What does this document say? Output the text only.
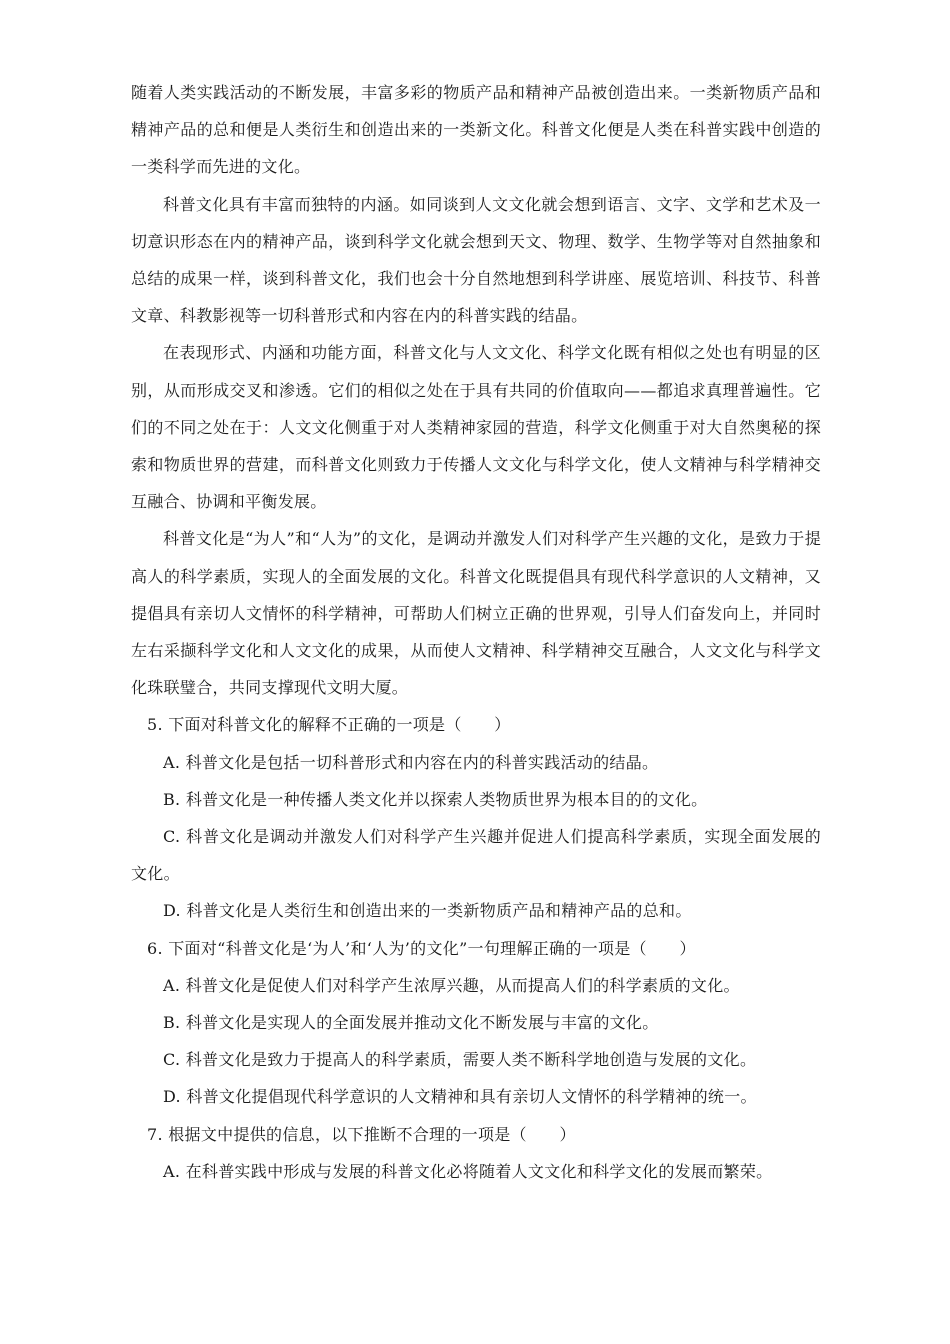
随着人类实践活动的不断发展，丰富多彩的物质产品和精神产品被创造出来。一类新物质产品和精神产品的总和便是人类衍生和创造出来的一类新文化。科普文化便是人类在科普实践中创造的一类科学而先进的文化。

科普文化具有丰富而独特的内涵。如同谈到人文文化就会想到语言、文字、文学和艺术及一切意识形态在内的精神产品，谈到科学文化就会想到天文、物理、数学、生物学等对自然抽象和总结的成果一样，谈到科普文化，我们也会十分自然地想到科学讲座、展览培训、科技节、科普文章、科教影视等一切科普形式和内容在内的科普实践的结晶。

在表现形式、内涵和功能方面，科普文化与人文文化、科学文化既有相似之处也有明显的区别，从而形成交叉和渗透。它们的相似之处在于具有共同的价值取向——都追求真理普遍性。它们的不同之处在于：人文文化侧重于对人类精神家园的营造，科学文化侧重于对大自然奥秘的探索和物质世界的营建，而科普文化则致力于传播人文文化与科学文化，使人文精神与科学精神交互融合、协调和平衡发展。

科普文化是“为人”和“人为”的文化，是调动并激发人们对科学产生兴趣的文化，是致力于提高人的科学素质，实现人的全面发展的文化。科普文化既提倡具有现代科学意识的人文精神，又提倡具有亲切人文情怀的科学精神，可帮助人们树立正确的世界观，引导人们奋发向上，并同时左右采撷科学文化和人文文化的成果，从而使人文精神、科学精神交互融合，人文文化与科学文化珠联璧合，共同支撑现代文明大厦。

5. 下面对科普文化的解释不正确的一项是（　　）

A. 科普文化是包括一切科普形式和内容在内的科普实践活动的结晶。

B. 科普文化是一种传播人类文化并以探索人类物质世界为根本目的的文化。

C. 科普文化是调动并激发人们对科学产生兴趣并促进人们提高科学素质，实现全面发展的文化。

D. 科普文化是人类衍生和创造出来的一类新物质产品和精神产品的总和。

6. 下面对“科普文化是‘为人’和‘人为’的文化”一句理解正确的一项是（　　）

A. 科普文化是促使人们对科学产生浓厚兴趣，从而提高人们的科学素质的文化。

B. 科普文化是实现人的全面发展并推动文化不断发展与丰富的文化。

C. 科普文化是致力于提高人的科学素质，需要人类不断科学地创造与发展的文化。

D. 科普文化提倡现代科学意识的人文精神和具有亲切人文情怀的科学精神的统一。

7. 根据文中提供的信息，以下推断不合理的一项是（　　）

A. 在科普实践中形成与发展的科普文化必将随着人文文化和科学文化的发展而繁荣。
